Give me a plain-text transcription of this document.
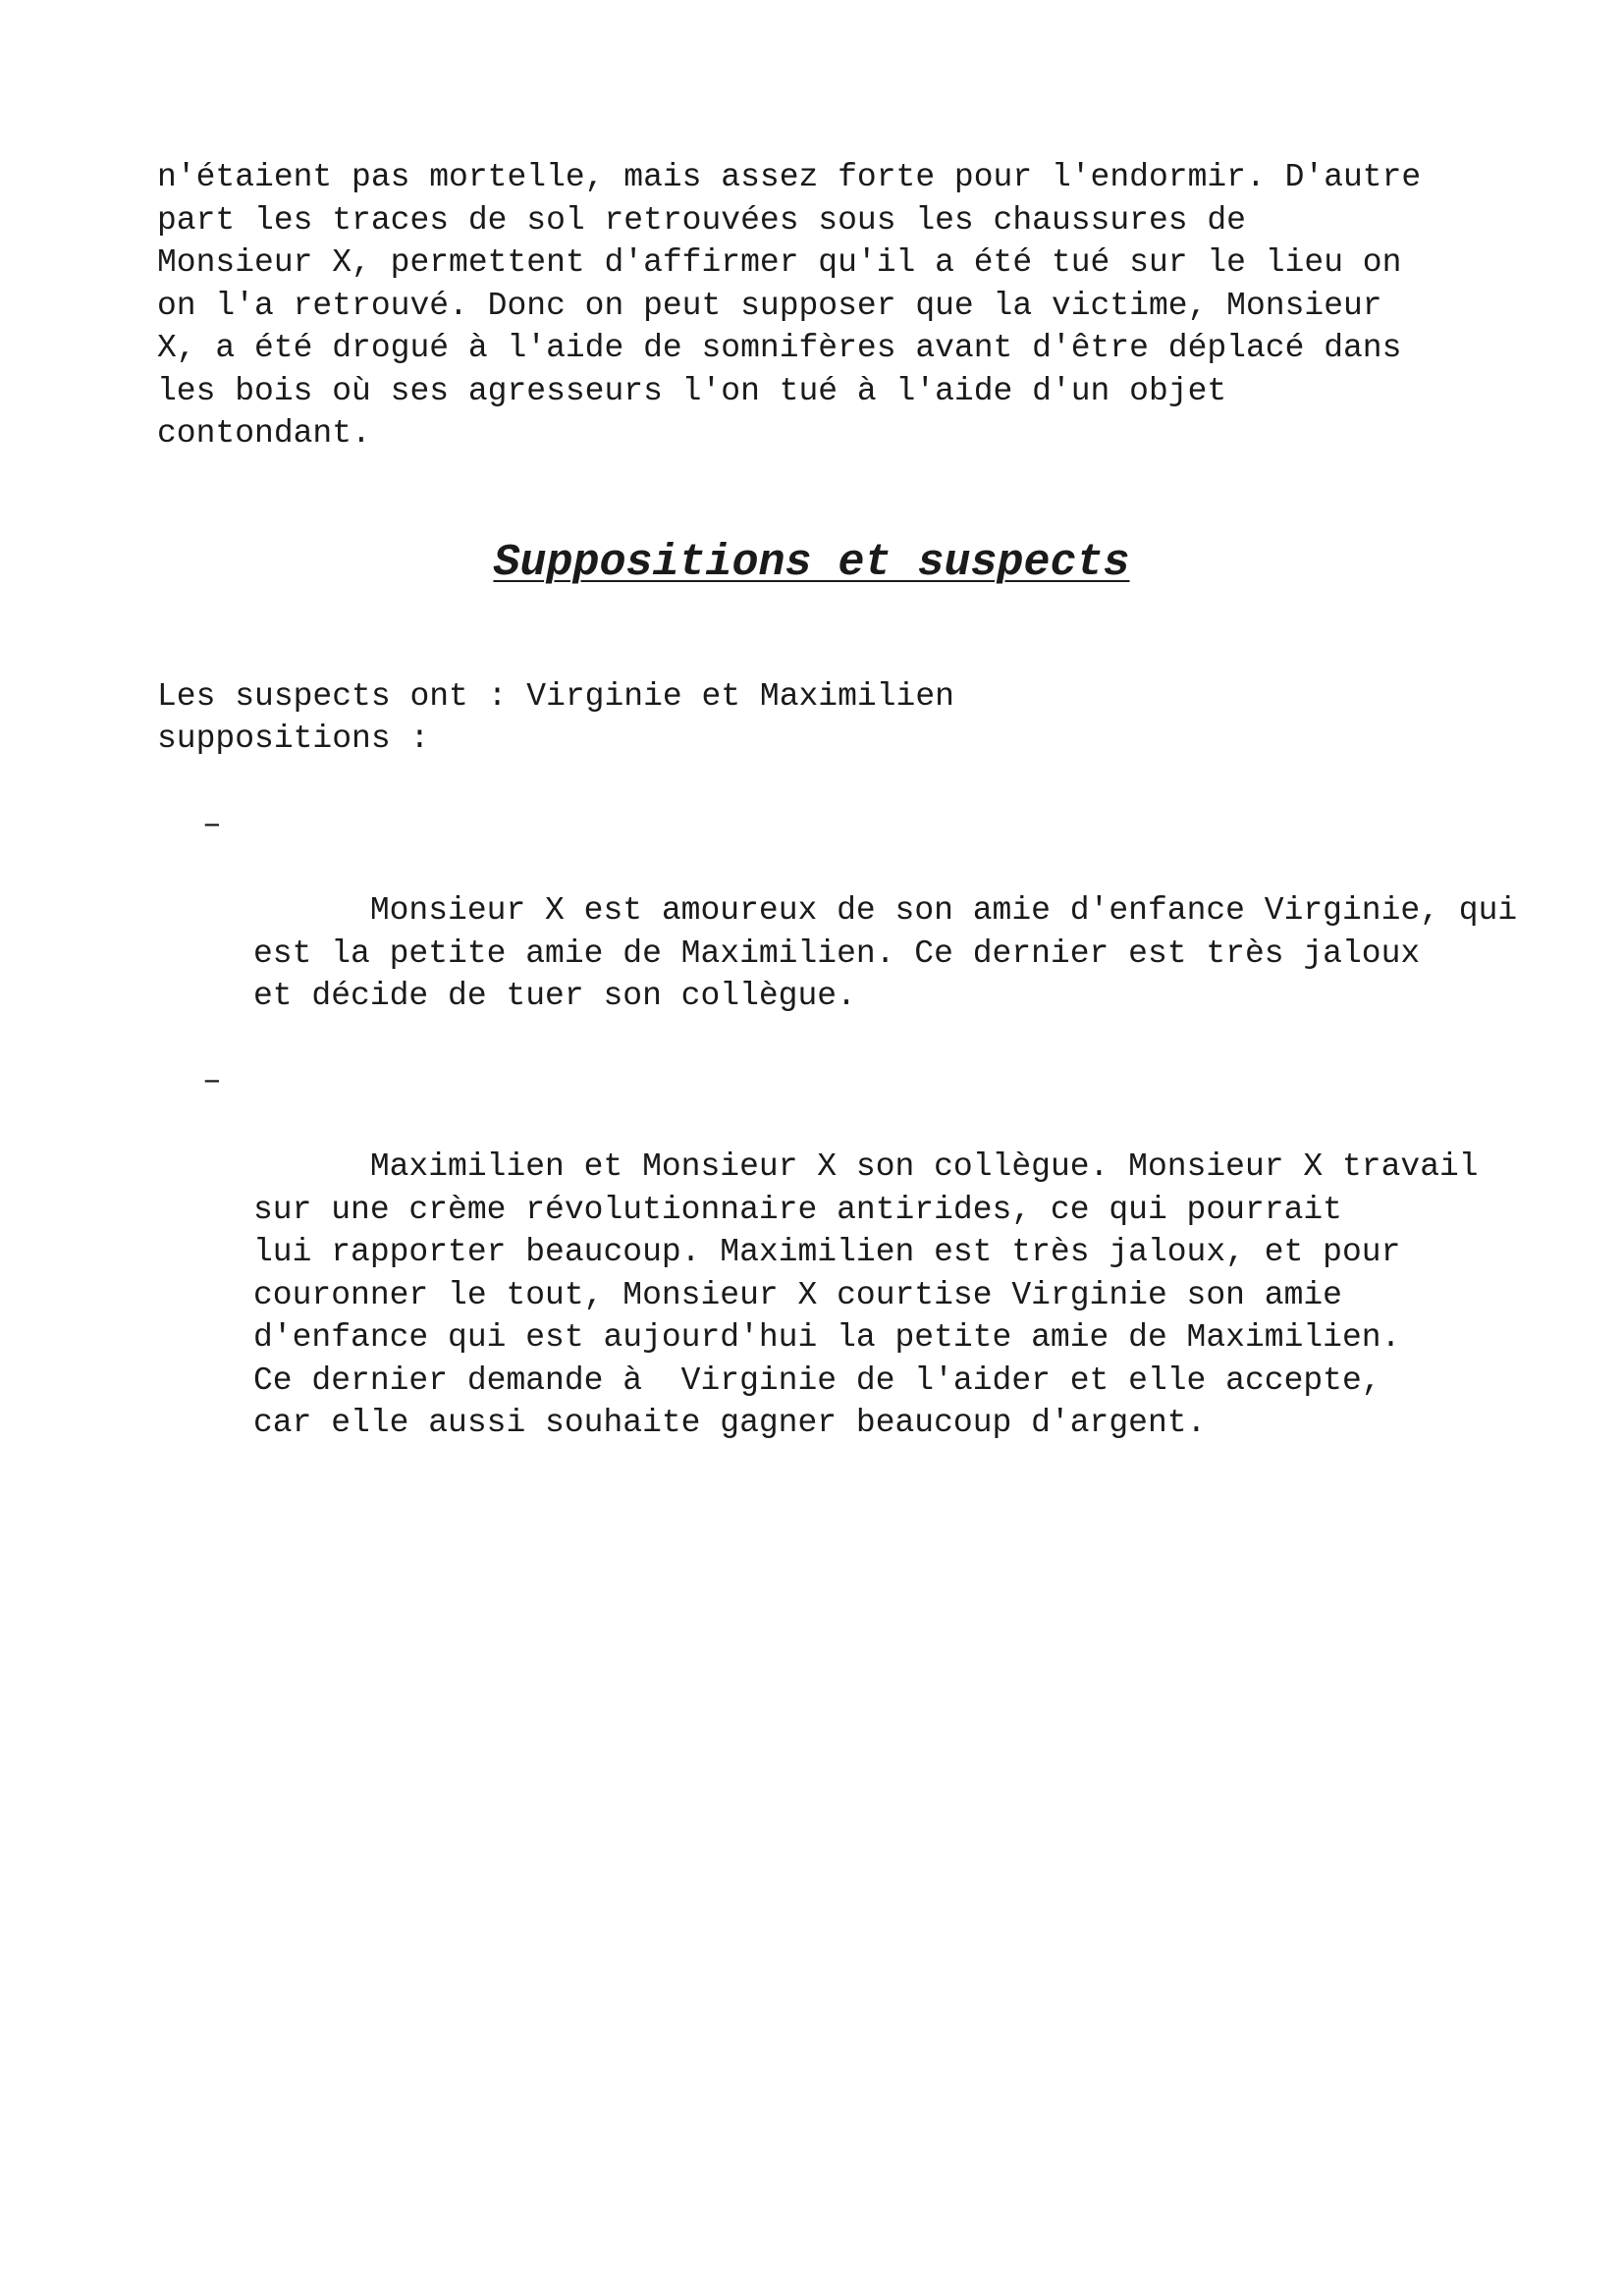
n'étaient pas mortelle, mais assez forte pour l'endormir. D'autre
part les traces de sol retrouvées sous les chaussures de
Monsieur X, permettent d'affirmer qu'il a été tué sur le lieu on
on l'a retrouvé. Donc on peut supposer que la victime, Monsieur
X, a été drogué à l'aide de somnifères avant d'être déplacé dans
les bois où ses agresseurs l'on tué à l'aide d'un objet
contondant.

Suppositions et suspects

Les suspects ont : Virginie et Maximilien

suppositions :

–

Monsieur X est amoureux de son amie d'enfance Virginie, qui
est la petite amie de Maximilien. Ce dernier est très jaloux
et décide de tuer son collègue.

–

Maximilien et Monsieur X son collègue. Monsieur X travail
sur une crème révolutionnaire antirides, ce qui pourrait
lui rapporter beaucoup. Maximilien est très jaloux, et pour
couronner le tout, Monsieur X courtise Virginie son amie
d'enfance qui est aujourd'hui la petite amie de Maximilien.
Ce dernier demande à  Virginie de l'aider et elle accepte,
car elle aussi souhaite gagner beaucoup d'argent.
